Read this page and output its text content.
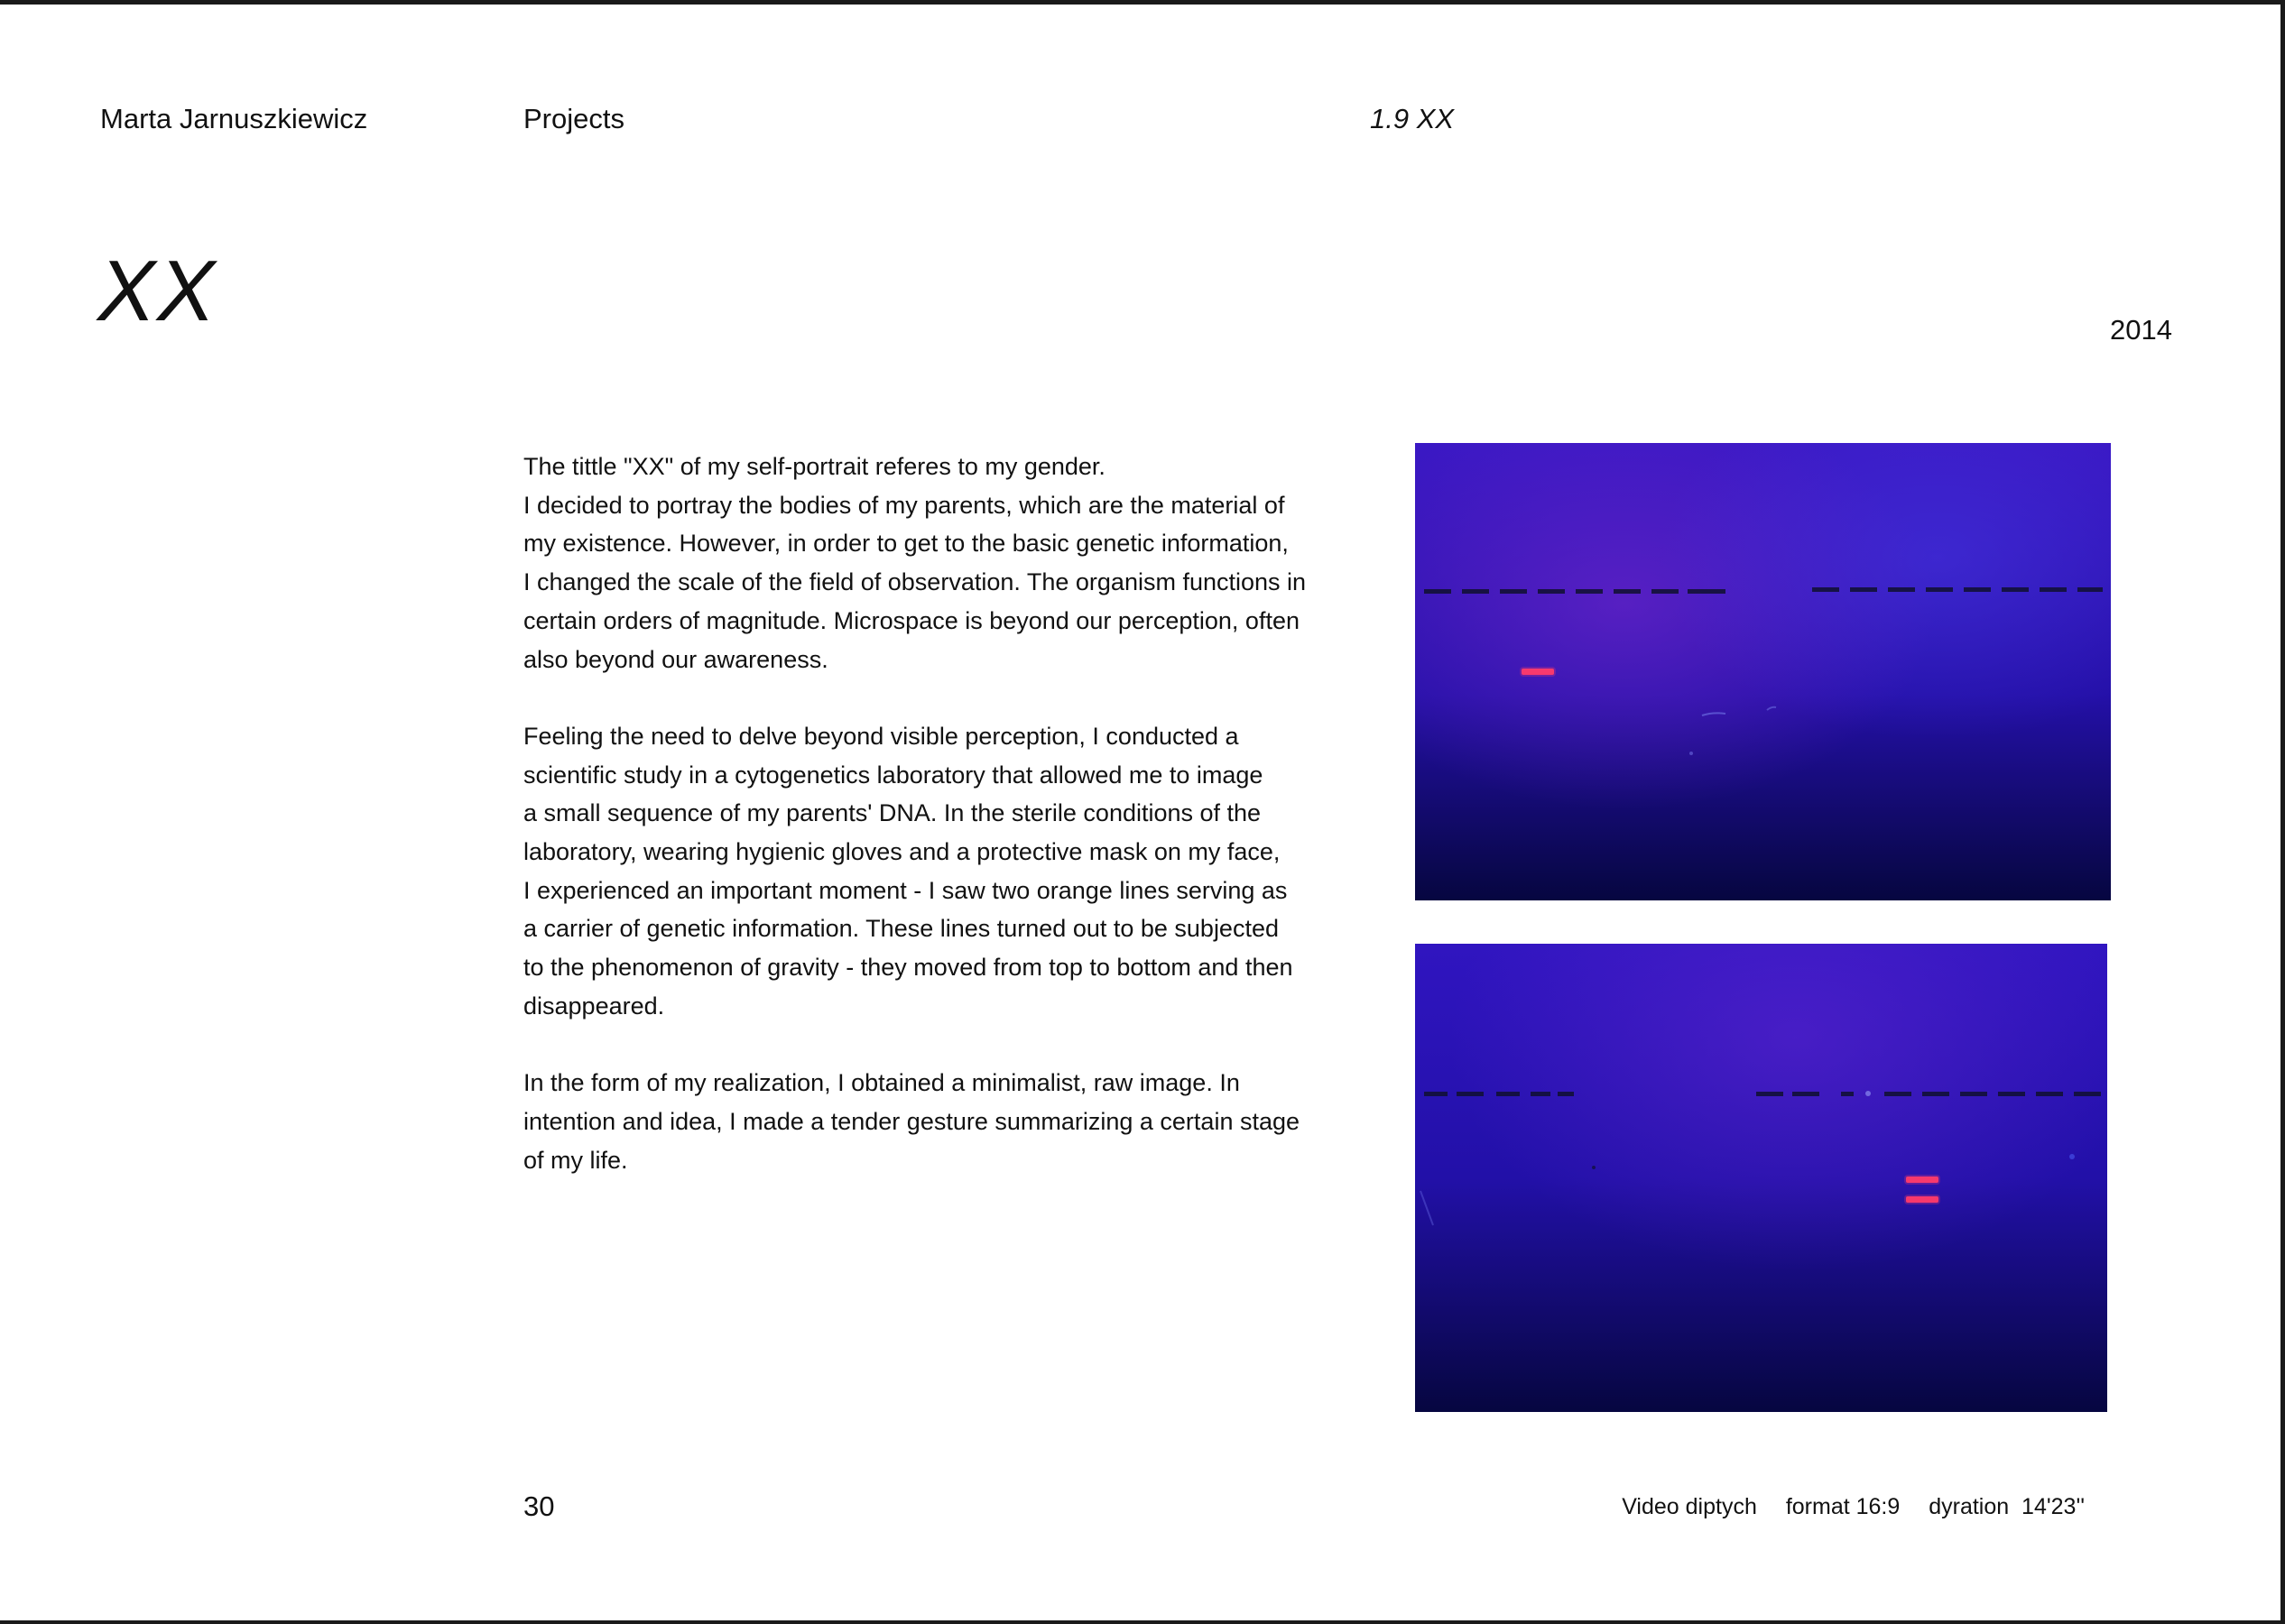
Marta Jarnuszkiewicz	Projects	1.9 XX
XX	2014

The tittle "XX" of my self-portrait referes to my gender.
I decided to portray the bodies of my parents, which are the material of
my existence. However, in order to get to the basic genetic information,
I changed the scale of the field of observation. The organism functions in
certain orders of magnitude. Microspace is beyond our perception, often
also beyond our awareness.

Feeling the need to delve beyond visible perception, I conducted a
scientific study in a cytogenetics laboratory that allowed me to image
a small sequence of my parents' DNA. In the sterile conditions of the
laboratory, wearing hygienic gloves and a protective mask on my face,
I experienced an important moment - I saw two orange lines serving as
a carrier of genetic information. These lines turned out to be subjected
to the phenomenon of gravity - they moved from top to bottom and then
disappeared.

In the form of my realization, I obtained a minimalist, raw image. In
intention and idea, I made a tender gesture summarizing a certain stage
of my life.

30	Video diptych format 16:9 dyration  14'23''
